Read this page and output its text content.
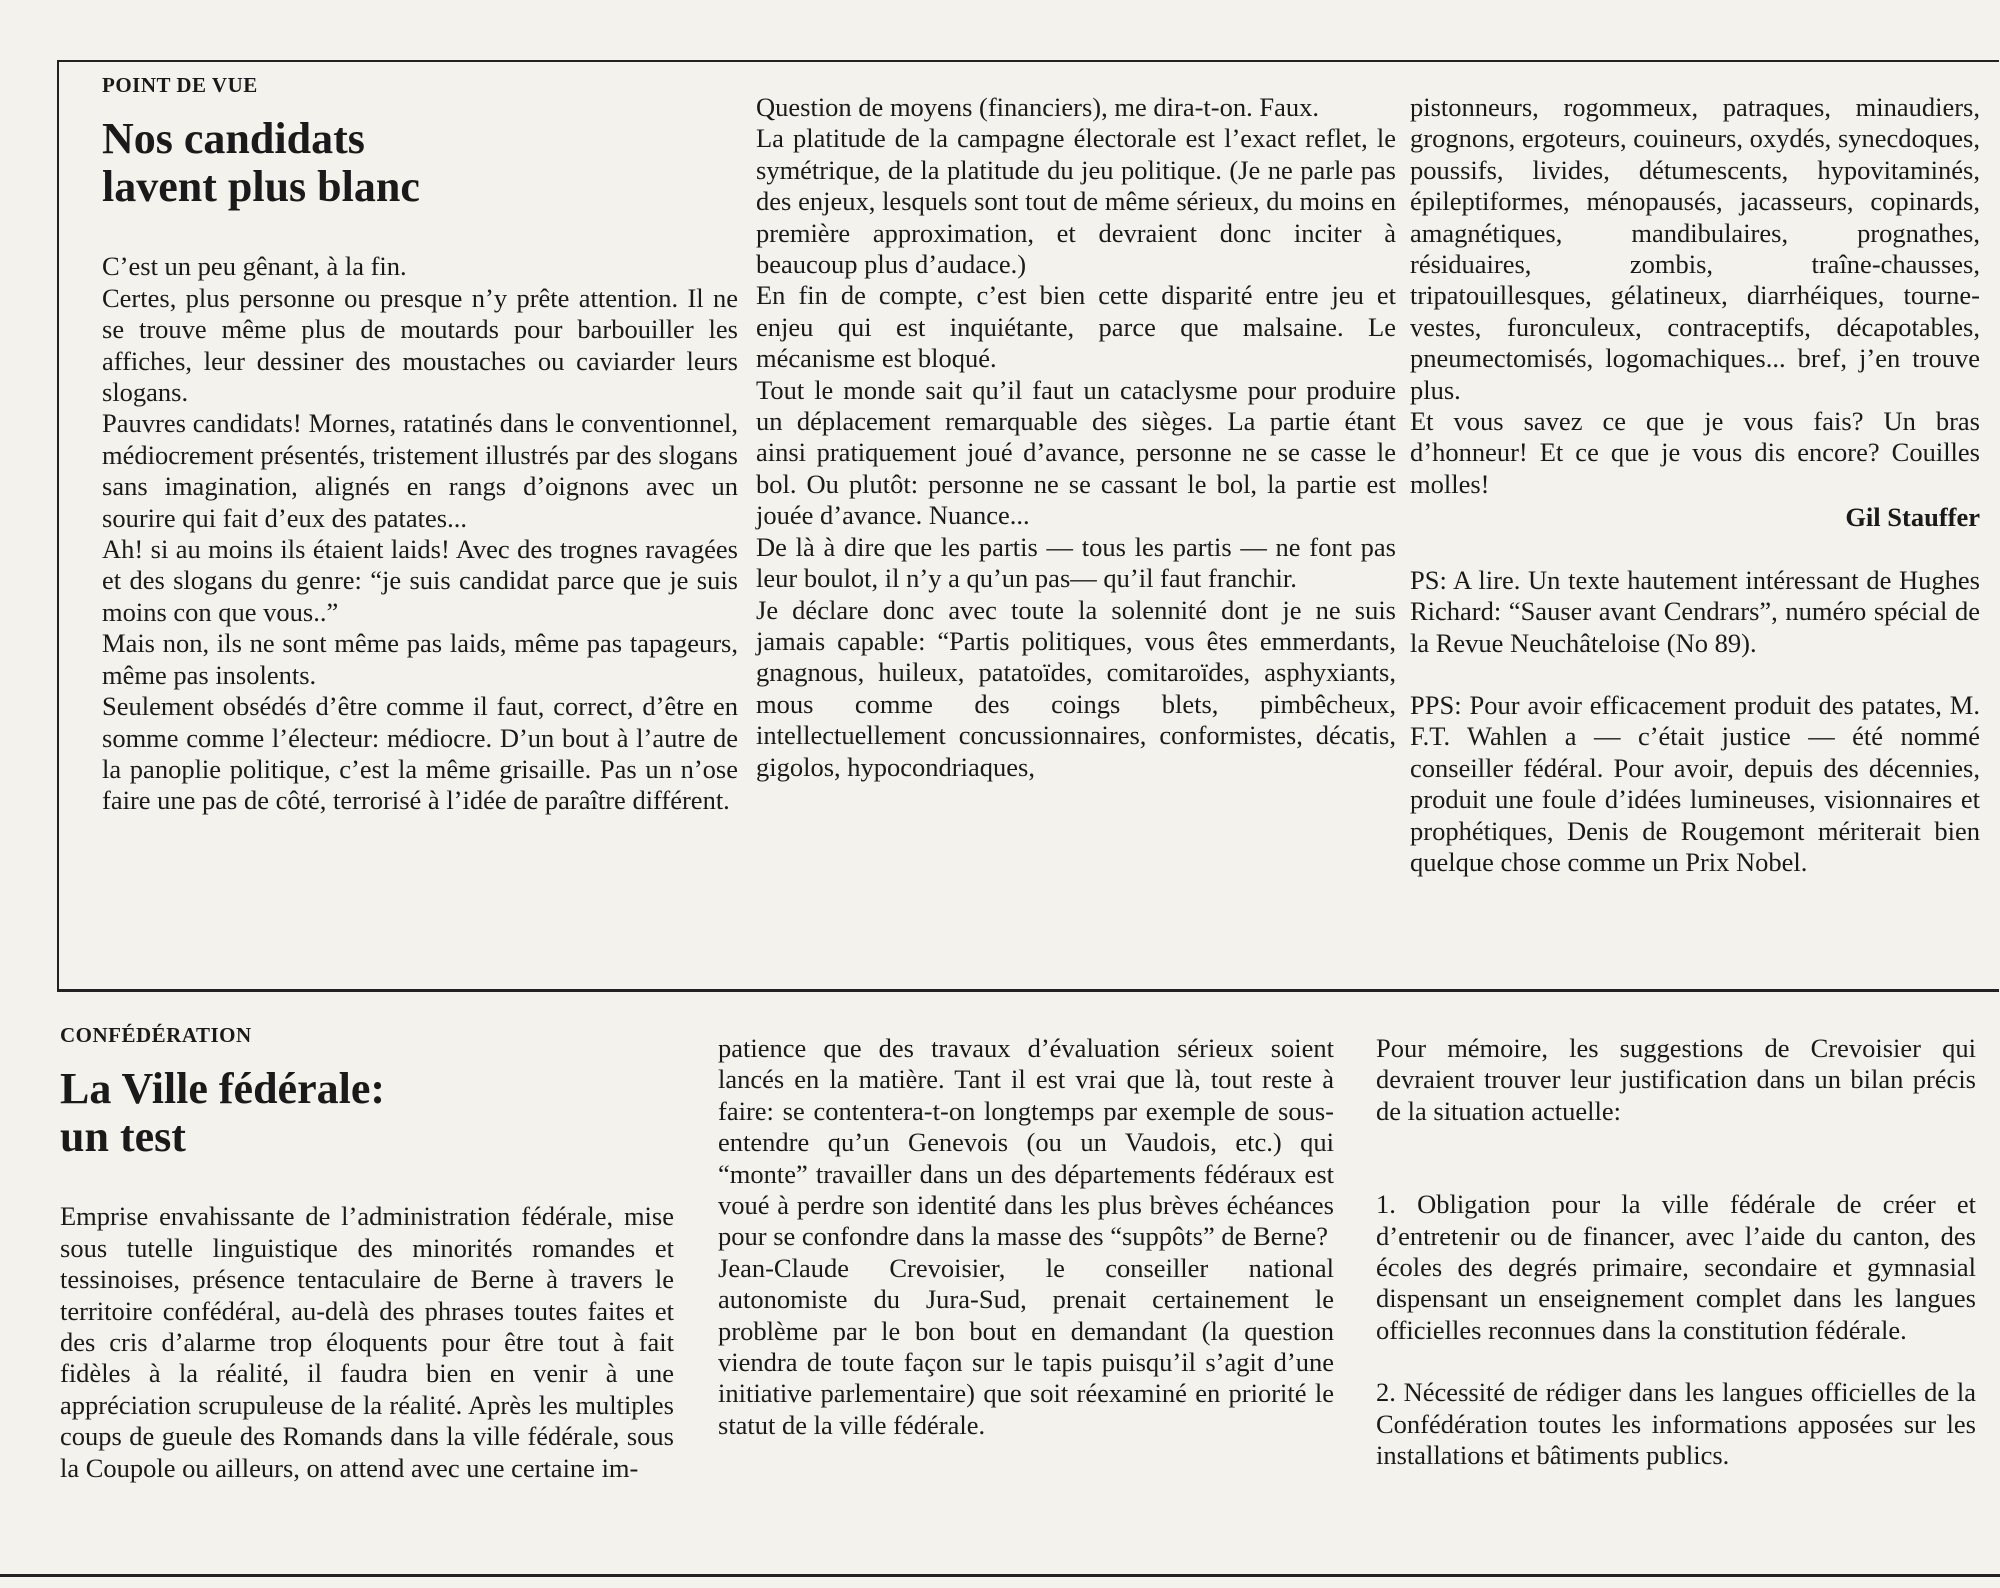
POINT DE VUE
Nos candidats
lavent plus blanc

C’est un peu gênant, à la fin.

Certes, plus personne ou presque n’y prête attention. Il ne se trouve même plus de moutards pour barbouiller les affiches, leur dessiner des moustaches ou caviarder leurs slogans.

Pauvres candidats! Mornes, ratatinés dans le conventionnel, médiocrement présentés, tristement illustrés par des slogans sans imagination, alignés en rangs d’oignons avec un sourire qui fait d’eux des patates...

Ah! si au moins ils étaient laids! Avec des trognes ravagées et des slogans du genre: “je suis candidat parce que je suis moins con que vous..”

Mais non, ils ne sont même pas laids, même pas tapageurs, même pas insolents.

Seulement obsédés d’être comme il faut, correct, d’être en somme comme l’électeur: médiocre. D’un bout à l’autre de la panoplie politique, c’est la même grisaille. Pas un n’ose faire une pas de côté, terrorisé à l’idée de paraître différent.

Question de moyens (financiers), me dira-t-on. Faux.

La platitude de la campagne électorale est l’exact reflet, le symétrique, de la platitude du jeu politique. (Je ne parle pas des enjeux, lesquels sont tout de même sérieux, du moins en première approximation, et devraient donc inciter à beaucoup plus d’audace.)

En fin de compte, c’est bien cette disparité entre jeu et enjeu qui est inquiétante, parce que malsaine. Le mécanisme est bloqué.

Tout le monde sait qu’il faut un cataclysme pour produire un déplacement remarquable des sièges. La partie étant ainsi pratiquement joué d’avance, personne ne se casse le bol. Ou plutôt: personne ne se cassant le bol, la partie est jouée d’avance. Nuance...

De là à dire que les partis — tous les partis — ne font pas leur boulot, il n’y a qu’un pas— qu’il faut franchir.

Je déclare donc avec toute la solennité dont je ne suis jamais capable: “Partis politiques, vous êtes emmerdants, gnagnous, huileux, patatoïdes, comitaroïdes, asphyxiants, mous comme des coings blets, pimbêcheux, intellectuellement concussionnaires, conformistes, décatis, gigolos, hypocondriaques,

pistonneurs, rogommeux, patraques, minaudiers, grognons, ergoteurs, couineurs, oxydés, synecdoques, poussifs, livides, détumescents, hypovitaminés, épileptiformes, ménopausés, jacasseurs, copinards, amagnétiques, mandibulaires, prognathes, résiduaires, zombis, traîne-chausses, tripatouillesques, gélatineux, diarrhéiques, tourne-vestes, furonculeux, contraceptifs, décapotables, pneumectomisés, logomachiques... bref, j’en trouve plus.

Et vous savez ce que je vous fais? Un bras d’honneur! Et ce que je vous dis encore? Couilles molles!

Gil Stauffer

PS: A lire. Un texte hautement intéressant de Hughes Richard: “Sauser avant Cendrars”, numéro spécial de la Revue Neuchâteloise (No 89).

PPS: Pour avoir efficacement produit des patates, M. F.T. Wahlen a — c’était justice — été nommé conseiller fédéral. Pour avoir, depuis des décennies, produit une foule d’idées lumineuses, visionnaires et prophétiques, Denis de Rougemont mériterait bien quelque chose comme un Prix Nobel.

CONFÉDÉRATION
La Ville fédérale:
un test

Emprise envahissante de l’administration fédérale, mise sous tutelle linguistique des minorités romandes et tessinoises, présence tentaculaire de Berne à travers le territoire confédéral, au-delà des phrases toutes faites et des cris d’alarme trop éloquents pour être tout à fait fidèles à la réalité, il faudra bien en venir à une appréciation scrupuleuse de la réalité. Après les multiples coups de gueule des Romands dans la ville fédérale, sous la Coupole ou ailleurs, on attend avec une certaine im-

patience que des travaux d’évaluation sérieux soient lancés en la matière. Tant il est vrai que là, tout reste à faire: se contentera-t-on longtemps par exemple de sous-entendre qu’un Genevois (ou un Vaudois, etc.) qui “monte” travailler dans un des départements fédéraux est voué à perdre son identité dans les plus brèves échéances pour se confondre dans la masse des “suppôts” de Berne?

Jean-Claude Crevoisier, le conseiller national autonomiste du Jura-Sud, prenait certainement le problème par le bon bout en demandant (la question viendra de toute façon sur le tapis puisqu’il s’agit d’une initiative parlementaire) que soit réexaminé en priorité le statut de la ville fédérale.

Pour mémoire, les suggestions de Crevoisier qui devraient trouver leur justification dans un bilan précis de la situation actuelle:

1. Obligation pour la ville fédérale de créer et d’entretenir ou de financer, avec l’aide du canton, des écoles des degrés primaire, secondaire et gymnasial dispensant un enseignement complet dans les langues officielles reconnues dans la constitution fédérale.

2. Nécessité de rédiger dans les langues officielles de la Confédération toutes les informations apposées sur les installations et bâtiments publics.
